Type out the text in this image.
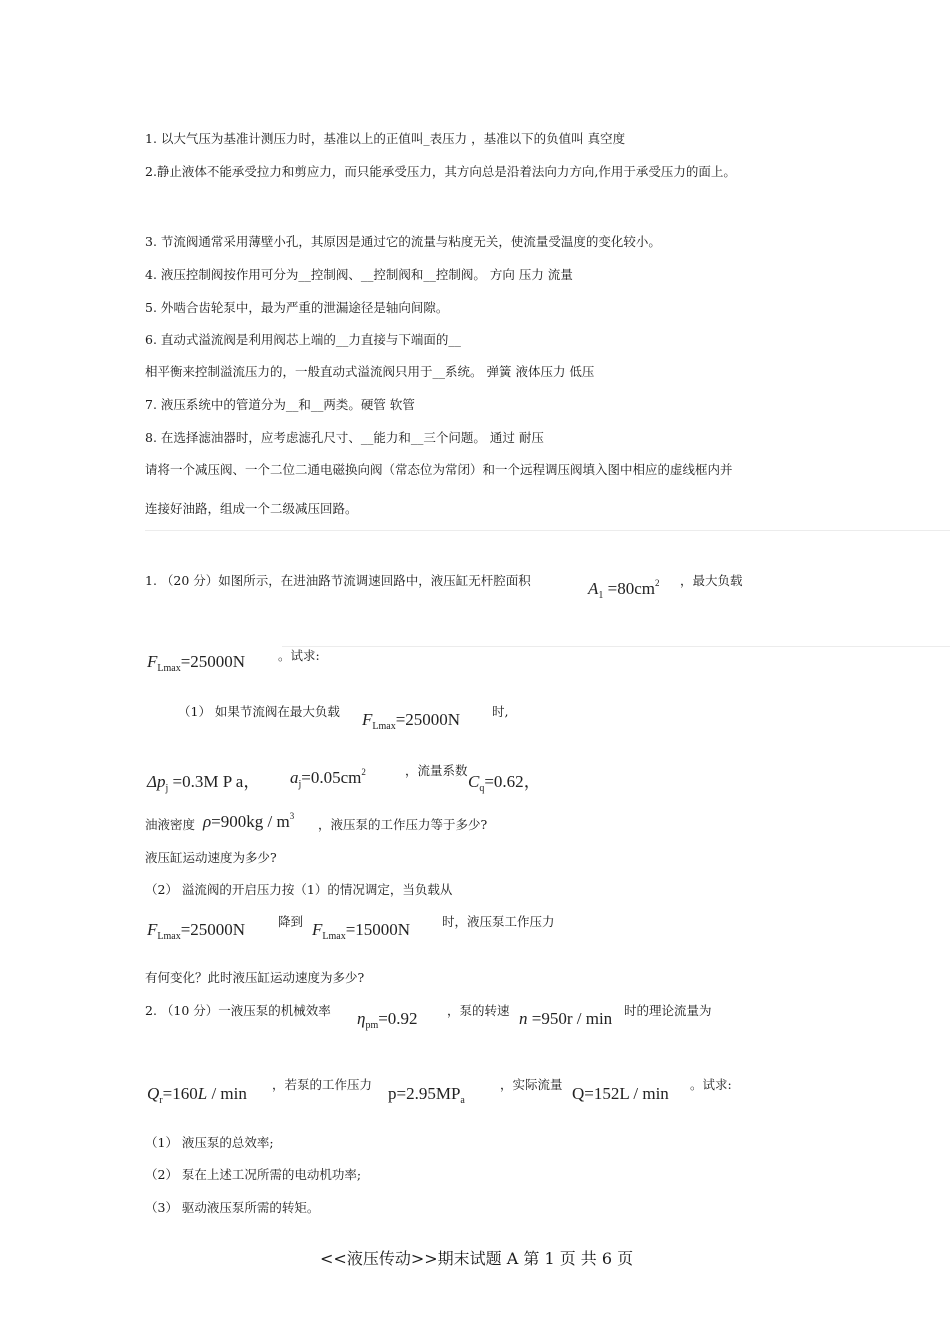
1. 以大气压为基准计测压力时，基准以上的正值叫_表压力 ，基准以下的负值叫 真空度
2.静止液体不能承受拉力和剪应力，而只能承受压力，其方向总是沿着法向力方向,作用于承受压力的面上。
3. 节流阀通常采用薄壁小孔，其原因是通过它的流量与粘度无关，使流量受温度的变化较小。
4. 液压控制阀按作用可分为__控制阀、__控制阀和__控制阀。 方向 压力 流量
5. 外啮合齿轮泵中，最为严重的泄漏途径是轴向间隙。
6. 直动式溢流阀是利用阀芯上端的__力直接与下端面的__
相平衡来控制溢流压力的，一般直动式溢流阀只用于__系统。 弹簧 液体压力 低压
7. 液压系统中的管道分为__和__两类。硬管 软管
8. 在选择滤油器时，应考虑滤孔尺寸、__能力和__三个问题。 通过 耐压
请将一个减压阀、一个二位二通电磁换向阀（常态位为常闭）和一个远程调压阀填入图中相应的虚线框内并
连接好油路，组成一个二级减压回路。
1. （20 分）如图所示，在进油路节流调速回路中，液压缸无杆腔面积	$A_1 =80cm^2$ ，最大负载
$F_{Lmax}=25000N$	。试求:
（1） 如果节流阀在最大负载 $F_{Lmax}=25000N$	时,
$\Delta p_j =0.3M$ P a， $a_j=0.05cm^2$	，流量系数
$C_q=0.62$，
油液密度 $\rho=900kg / m^3$
，液压泵的工作压力等于多少?
液压缸运动速度为多少?
（2） 溢流阀的开启压力按（1）的情况调定，当负载从
$F_{Lmax}=25000N$	降到 $F_{Lmax}=15000N$	时，液压泵工作压力
有何变化？此时液压缸运动速度为多少?
2. （10 分）一液压泵的机械效率 $\eta_{pm}=0.92$ ，泵的转速 n =950r / min 时的理论流量为
$Q_r=160L / \min$ ，若泵的工作压力 $p=2.95MP_a$
，实际流量 Q=152L / min 。试求:
（1） 液压泵的总效率;
（2） 泵在上述工况所需的电动机功率;
（3） 驱动液压泵所需的转矩。
<<液压传动>>期末试题 A 第 1 页 共 6 页
